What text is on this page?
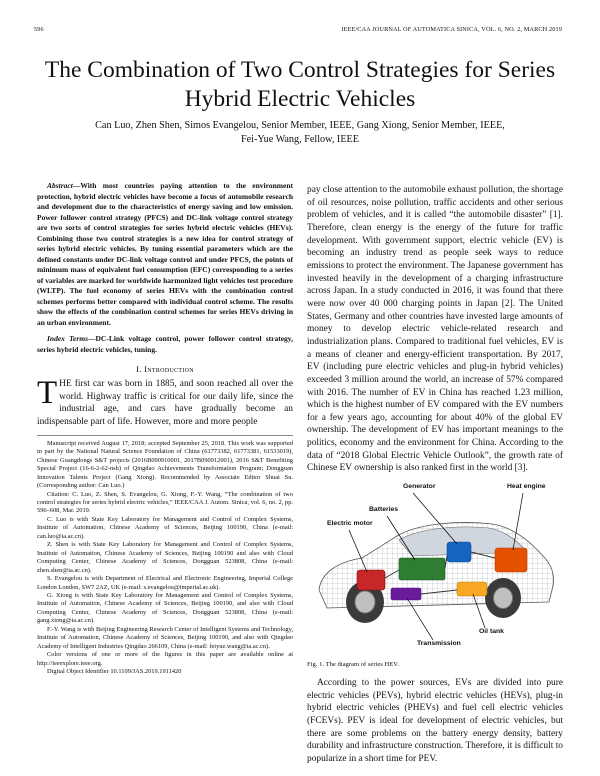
596	IEEE/CAA JOURNAL OF AUTOMATICA SINICA, VOL. 6, NO. 2, MARCH 2019
The Combination of Two Control Strategies for Series Hybrid Electric Vehicles
Can Luo, Zhen Shen, Simos Evangelou, Senior Member, IEEE, Gang Xiong, Senior Member, IEEE,
Fei-Yue Wang, Fellow, IEEE

Abstract—With most countries paying attention to the environment protection, hybrid electric vehicles have become a focus of automobile research and development due to the characteristics of energy saving and low emission. Power follower control strategy (PFCS) and DC-link voltage control strategy are two sorts of control strategies for series hybrid electric vehicles (HEVs). Combining those two control strategies is a new idea for control strategy of series hybrid electric vehicles. By tuning essential parameters which are the defined constants under DC-link voltage control and under PFCS, the points of minimum mass of equivalent fuel consumption (EFC) corresponding to a series of variables are marked for worldwide harmonized light vehicles test procedure (WLTP). The fuel economy of series HEVs with the combination control schemes performs better compared with individual control scheme. The results show the effects of the combination control schemes for series HEVs driving in an urban environment.

Index Terms—DC-Link voltage control, power follower control strategy, series hybrid electric vehicles, tuning.

I. Introduction

THE first car was born in 1885, and soon reached all over the world. Highway traffic is critical for our daily life, since the industrial age, and cars have gradually become an indispensable part of life. However, more and more people

Manuscript received August 17, 2018; accepted September 25, 2018. This work was supported in part by the National Natural Science Foundation of China (61773382, 61773381, 61533019), Chinese Guangdongs S&T projects (2016B090910001, 2017B090912001), 2016 S&T Benefiting Special Project (16-6-2-62-nsh) of Qingdao Achievements Transformation Program; Dongguan Innovation Talents Project (Gang Xiong). Recommended by Associate Editor Shuai Su. (Corresponding author: Can Luo.)

Citation: C. Luo, Z. Shen, S. Evangelou, G. Xiong, F.-Y. Wang, “The combination of two control strategies for series hybrid electric vehicles,” IEEE/CAA J. Autom. Sinica, vol. 6, no. 2, pp. 596–608, Mar. 2019.

C. Luo is with State Key Laboratory for Management and Control of Complex Systems, Institute of Automation, Chinese Academy of Sciences, Beijing 100190, China (e-mail: can.luo@ia.ac.cn).

Z. Shen is with State Key Laboratory for Management and Control of Complex Systems, Institute of Automation, Chinese Academy of Sciences, Beijing 100190 and also with Cloud Computing Center, Chinese Academy of Sciences, Dongguan 523808, China (e-mail: zhen.shen@ia.ac.cn).

S. Evangelou is with Department of Electrical and Electronic Engineering, Imperial College London London, SW7 2AZ, UK (e-mail: s.evangelou@imperial.ac.uk).

G. Xiong is with State Key Laboratory for Management and Control of Complex Systems, Institute of Automation, Chinese Academy of Sciences, Beijing 100190, and also with Cloud Computing Center, Chinese Academy of Sciences, Dongguan 523808, China (e-mail: gang.xiong@ia.ac.cn).

F.-Y. Wang is with Beijing Engineering Research Center of Intelligent Systems and Technology, Institute of Automation, Chinese Academy of Sciences, Beijing 100190, and also with Qingdao Academy of Intelligent Industries Qingdao 266109, China (e-mail: feiyue.wang@ia.ac.cn).

Color versions of one or more of the figures in this paper are available online at http://ieeexplore.ieee.org.

Digital Object Identifier 10.1109/JAS.2019.1911420

pay close attention to the automobile exhaust pollution, the shortage of oil resources, noise pollution, traffic accidents and other serious problem of vehicles, and it is called “the automobile disaster” [1]. Therefore, clean energy is the energy of the future for traffic development. With government support, electric vehicle (EV) is becoming an industry trend as people seek ways to reduce emissions to protect the environment. The Japanese government has invested heavily in the development of a charging infrastructure across Japan. In a study conducted in 2016, it was found that there were now over 40 000 charging points in Japan [2]. The United States, Germany and other countries have invested large amounts of money to develop electric vehicle-related research and industrialization plans. Compared to traditional fuel vehicles, EV is a means of cleaner and energy-efficient transportation. By 2017, EV (including pure electric vehicles and plug-in hybrid vehicles) exceeded 3 million around the world, an increase of 57% compared with 2016. The number of EV in China has reached 1.23 million, which is the highest number of EV compared with the EV numbers for a few years ago, accounting for about 40% of the global EV ownership. The development of EV has important meanings to the politics, economy and the environment for China. According to the data of “2018 Global Electric Vehicle Outlook”, the growth rate of Chinese EV ownership is also ranked first in the world [3].

Generator	Heat engine
Batteries
Electric motor
Oil tank
Transmission
Fig. 1. The diagram of series HEV.

According to the power sources, EVs are divided into pure electric vehicles (PEVs), hybrid electric vehicles (HEVs), plug-in hybrid electric vehicles (PHEVs) and fuel cell electric vehicles (FCEVs). PEV is ideal for development of electric vehicles, but there are some problems on the battery energy density, battery durability and infrastructure construction. Therefore, it is difficult to popularize in a short time for PEV.
